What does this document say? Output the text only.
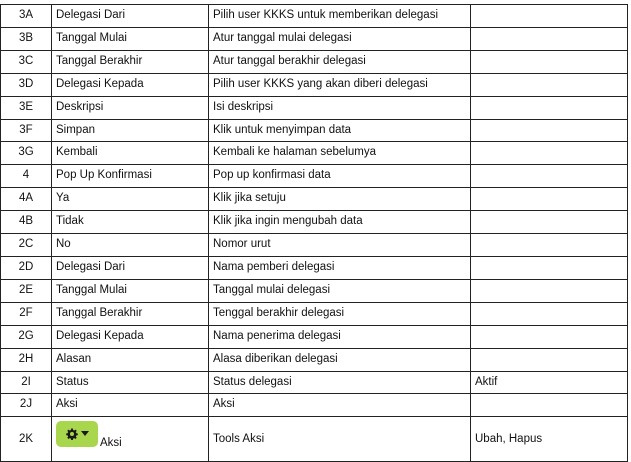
3A	Delegasi Dari	Pilih user KKKS untuk memberikan delegasi	
3B	Tanggal Mulai	Atur tanggal mulai delegasi	
3C	Tanggal Berakhir	Atur tanggal berakhir delegasi	
3D	Delegasi Kepada	Pilih user KKKS yang akan diberi delegasi	
3E	Deskripsi	Isi deskripsi	
3F	Simpan	Klik untuk menyimpan data	
3G	Kembali	Kembali ke halaman sebelumya	
4	Pop Up Konfirmasi	Pop up konfirmasi data	
4A	Ya	Klik jika setuju	
4B	Tidak	Klik jika ingin mengubah data	
2C	No	Nomor urut	
2D	Delegasi Dari	Nama pemberi delegasi	
2E	Tanggal Mulai	Tanggal mulai delegasi	
2F	Tanggal Berakhir	Tenggal berakhir delegasi	
2G	Delegasi Kepada	Nama penerima delegasi	
2H	Alasan	Alasa diberikan delegasi	
2I	Status	Status delegasi	Aktif
2J	Aksi	Aksi	
2K	Aksi	Tools Aksi	Ubah, Hapus
